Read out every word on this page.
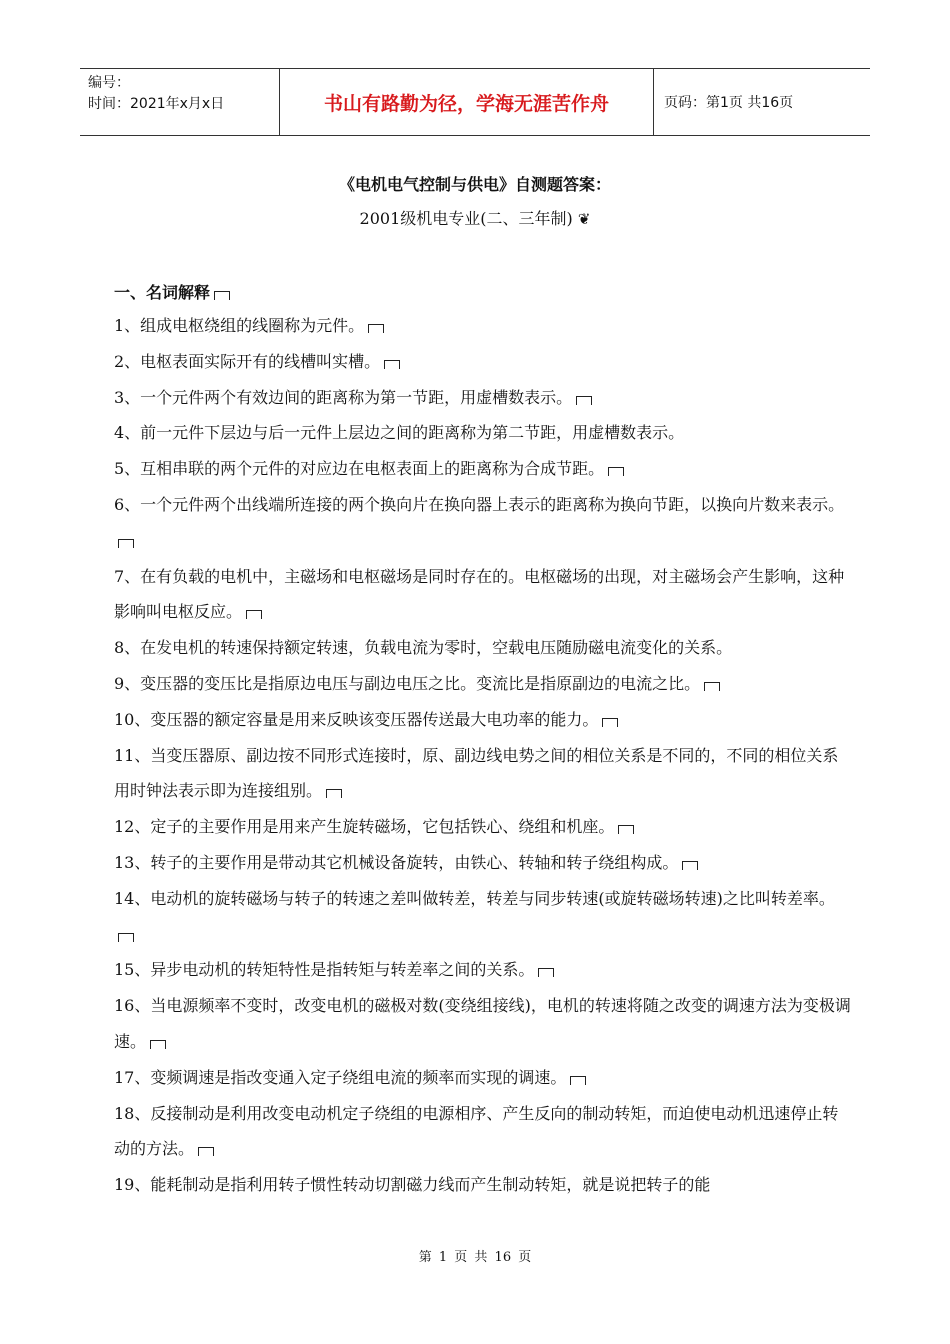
编号：
时间：2021年x月x日	书山有路勤为径，学海无涯苦作舟	页码：第1页 共16页
《电机电气控制与供电》自测题答案：
2001级机电专业(二、三年制) ❦
一、名词解释

1、组成电枢绕组的线圈称为元件。

2、电枢表面实际开有的线槽叫实槽。

3、一个元件两个有效边间的距离称为第一节距，用虚槽数表示。

4、前一元件下层边与后一元件上层边之间的距离称为第二节距，用虚槽数表示。

5、互相串联的两个元件的对应边在电枢表面上的距离称为合成节距。

6、一个元件两个出线端所连接的两个换向片在换向器上表示的距离称为换向节距，以换向片数来表示。

7、在有负载的电机中，主磁场和电枢磁场是同时存在的。电枢磁场的出现，对主磁场会产生影响，这种影响叫电枢反应。

8、在发电机的转速保持额定转速，负载电流为零时，空载电压随励磁电流变化的关系。

9、变压器的变压比是指原边电压与副边电压之比。变流比是指原副边的电流之比。

10、变压器的额定容量是用来反映该变压器传送最大电功率的能力。

11、当变压器原、副边按不同形式连接时，原、副边线电势之间的相位关系是不同的，不同的相位关系用时钟法表示即为连接组别。

12、定子的主要作用是用来产生旋转磁场，它包括铁心、绕组和机座。

13、转子的主要作用是带动其它机械设备旋转，由铁心、转轴和转子绕组构成。

14、电动机的旋转磁场与转子的转速之差叫做转差，转差与同步转速(或旋转磁场转速)之比叫转差率。

15、异步电动机的转矩特性是指转矩与转差率之间的关系。

16、当电源频率不变时，改变电机的磁极对数(变绕组接线)，电机的转速将随之改变的调速方法为变极调速。

17、变频调速是指改变通入定子绕组电流的频率而实现的调速。

18、反接制动是利用改变电动机定子绕组的电源相序、产生反向的制动转矩，而迫使电动机迅速停止转动的方法。

19、能耗制动是指利用转子惯性转动切割磁力线而产生制动转矩，就是说把转子的能

第 1 页 共 16 页
